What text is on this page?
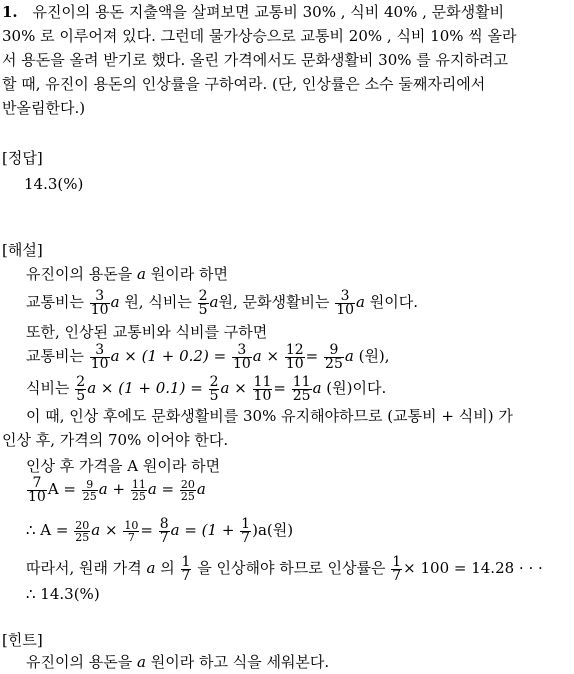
1. 유진이의 용돈 지출액을 살펴보면 교통비 30% , 식비 40% , 문화생활비
30% 로 이루어져 있다. 그런데 물가상승으로 교통비 20% , 식비 10% 씩 올라
서 용돈을 올려 받기로 했다. 올린 가격에서도 문화생활비 30% 를 유지하려고
할 때, 유진이 용돈의 인상률을 구하여라. (단, 인상률은 소수 둘째자리에서
반올림한다.)
[정답]
14.3(%)
[해설]
유진이의 용돈을 a 원이라 하면
교통비는 $\frac{3}{10}$ a 원, 식비는 $\frac{2}{5}$ a원, 문화생활비는 $\frac{3}{10}$ a 원이다.
또한, 인상된 교통비와 식비를 구하면
교통비는 $\frac{3}{10}$ $a \times (1 + 0.2) = \frac{3}{10}$ $a \times \frac{12}{10} = \frac{9}{25}$ a (원),
식비는 $\frac{2}{5}$ $a \times (1 + 0.1) = \frac{2}{5}$ $a \times \frac{11}{10} = \frac{11}{25}$ a (원)이다.
이 때, 인상 후에도 문화생활비를 30% 유지해야하므로 (교통비 + 식비) 가
인상 후, 가격의 70% 이어야 한다.
인상 후 가격을 A 원이라 하면
$\frac{7}{10}$ $A = \frac{9}{25}$ $a + \frac{11}{25}$ $a = \frac{20}{25}$ a
∴ $A = \frac{20}{25}$ $a \times \frac{10}{7} = \frac{8}{7}$ $a = (1 + \frac{1}{7} )a$(원)
따라서, 원래 가격 a 의 $\frac{1}{7}$ 을 인상해야 하므로 인상률은 $\frac{1}{7} \times 100 = 14.28$ · · ·
∴ 14.3(%)
[힌트]
유진이의 용돈을 a 원이라 하고 식을 세워본다.
